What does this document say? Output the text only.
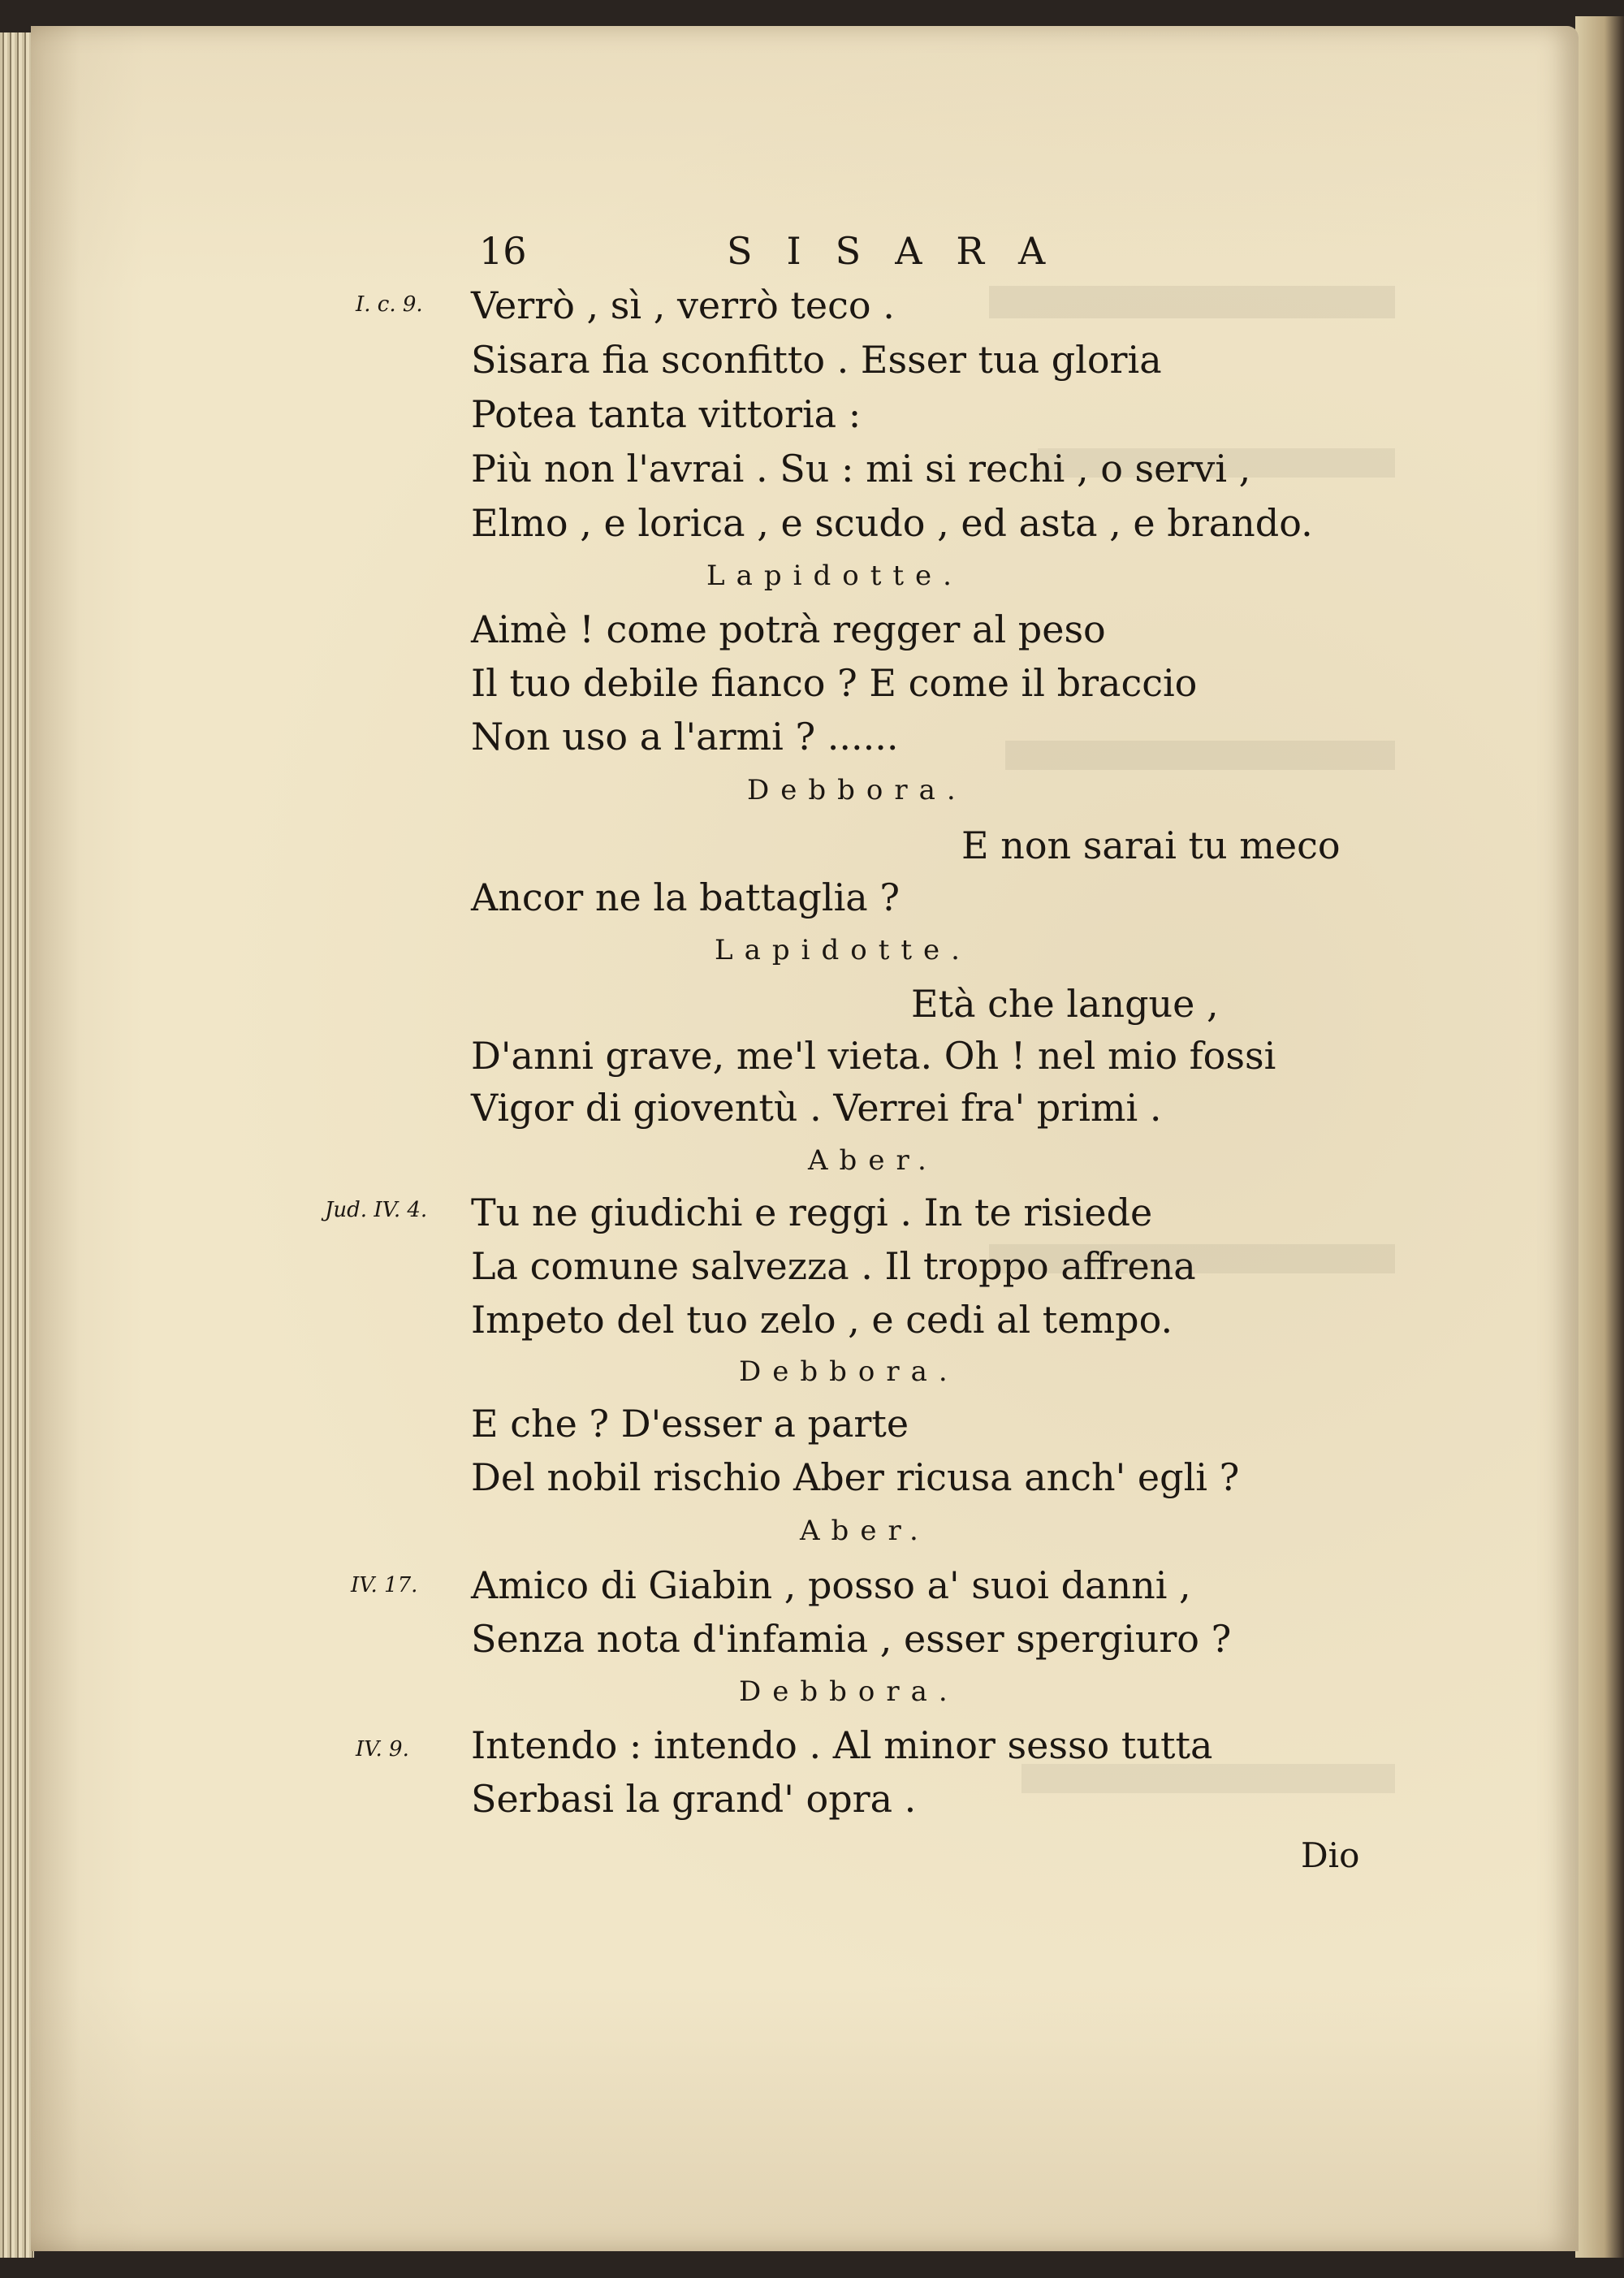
16	SISARA
I. c. 9.
Jud. IV. 4.
IV. 17.
IV. 9.
Verrò , sì , verrò teco .
Sisara fia sconfitto . Esser tua gloria
Potea tanta vittoria :
Più non l'avrai . Su : mi si rechi , o servi ,
Elmo , e lorica , e scudo , ed asta , e brando.
Lapidotte.
Aimè ! come potrà regger al peso
Il tuo debile fianco ? E come il braccio
Non uso a l'armi ? ......
Debbora.
E non sarai tu meco
Ancor ne la battaglia ?
Lapidotte.
Età che langue ,
D'anni grave, me'l vieta. Oh ! nel mio fossi
Vigor di gioventù . Verrei fra' primi .
Aber.
Tu ne giudichi e reggi . In te risiede
La comune salvezza . Il troppo affrena
Impeto del tuo zelo , e cedi al tempo.
Debbora.
E che ? D'esser a parte
Del nobil rischio Aber ricusa anch' egli ?
Aber.
Amico di Giabin , posso a' suoi danni ,
Senza nota d'infamia , esser spergiuro ?
Debbora.
Intendo : intendo . Al minor sesso tutta
Serbasi la grand' opra .
Dio
